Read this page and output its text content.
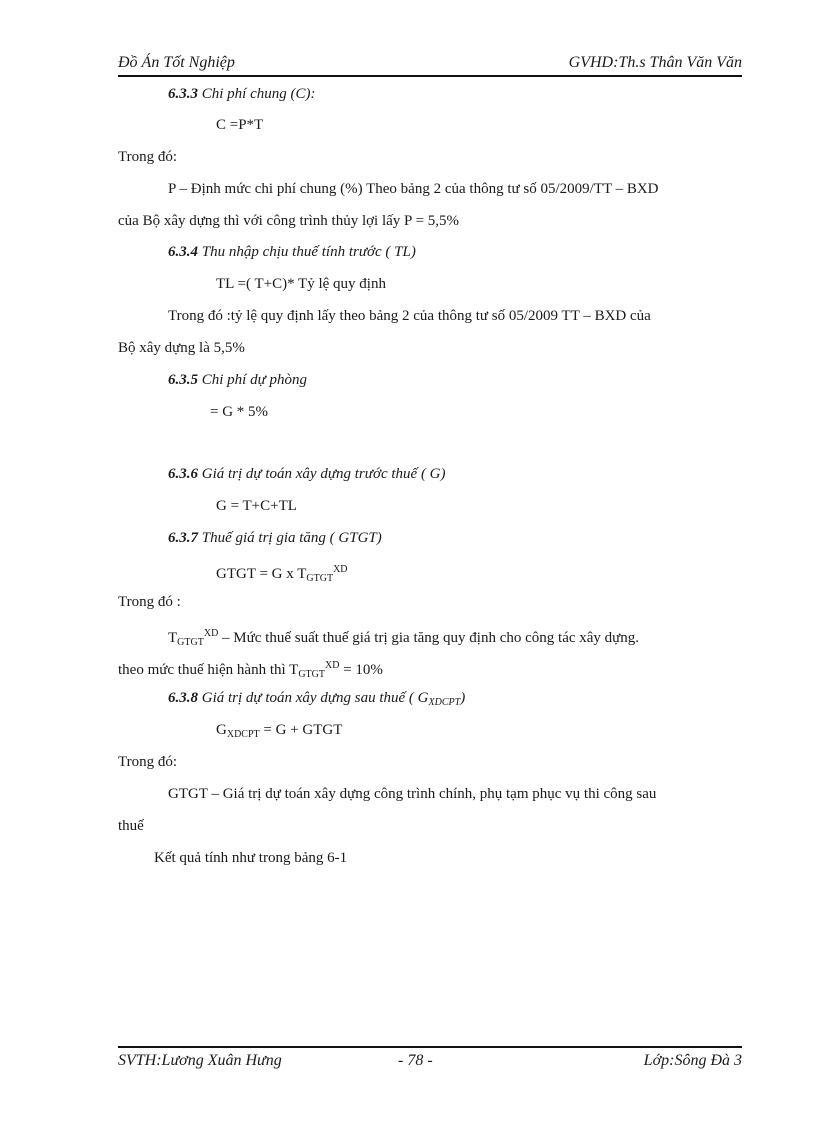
Đồ Án Tốt Nghiệp	GVHD:Th.s Thân Văn Văn
6.3.3 Chi phí chung (C):
C =P*T
Trong đó:
P – Định mức chi phí chung (%) Theo bảng 2 của thông tư số 05/2009/TT – BXD
của Bộ xây dựng thì với công trình thủy lợi lấy P = 5,5%
6.3.4 Thu nhập chịu thuế tính trước ( TL)
TL =( T+C)* Tỷ lệ quy định
Trong đó :tỷ lệ quy định lấy theo bảng 2 của thông tư số 05/2009 TT – BXD của
Bộ xây dựng là 5,5%
6.3.5 Chi phí dự phòng
= G * 5%
6.3.6 Giá trị dự toán xây dựng trước thuế ( G)
G = T+C+TL
6.3.7 Thuế giá trị gia tăng ( GTGT)
GTGT = G x $T_{GTGT}^{XD}$
Trong đó :
$T_{GTGT}^{XD}$ – Mức thuế suất thuế giá trị gia tăng quy định cho công tác xây dựng.
theo mức thuế hiện hành thì $T_{GTGT}^{XD} = 10\%$
6.3.8 Giá trị dự toán xây dựng sau thuế ( $G_{XDCPT}$)
$G_{XDCPT} = G$ + GTGT
Trong đó:
GTGT – Giá trị dự toán xây dựng công trình chính, phụ tạm phục vụ thi công sau
thuế
Kết quả tính như trong bảng 6-1
SVTH:Lương Xuân Hưng	- 78 -	Lớp:Sông Đà 3
